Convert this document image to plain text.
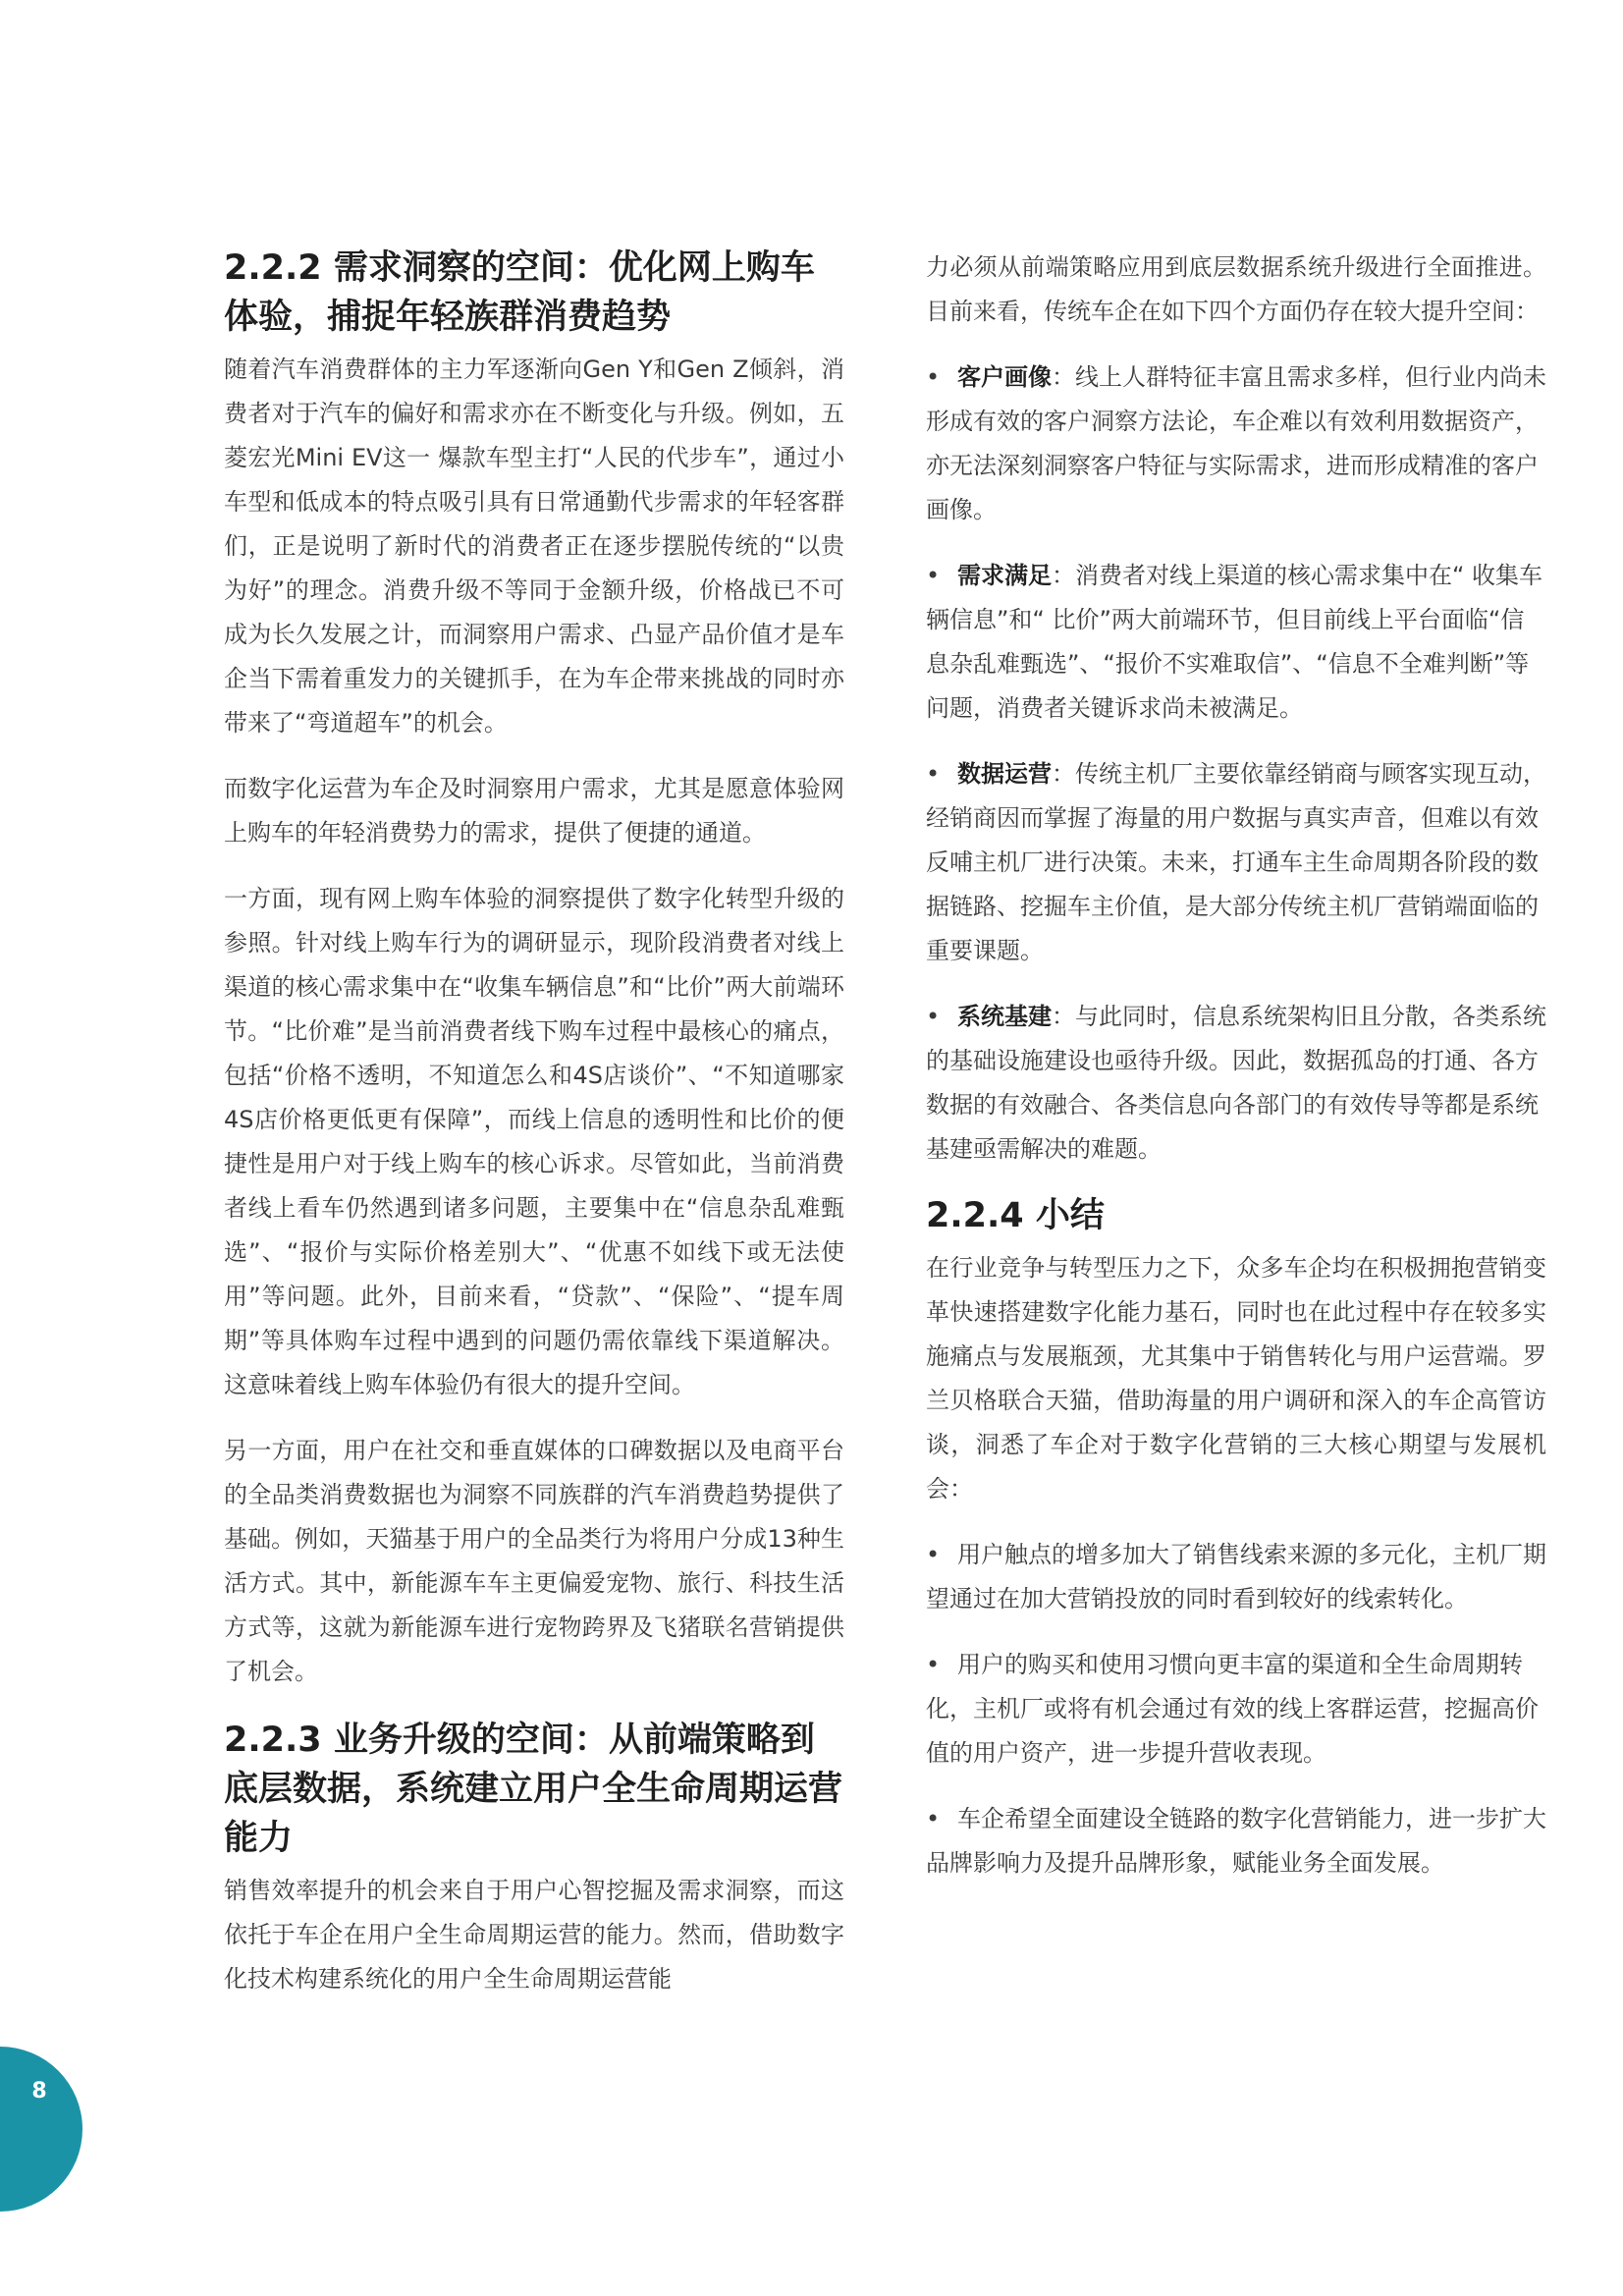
2.2.2 需求洞察的空间：优化网上购车体验，捕捉年轻族群消费趋势

随着汽车消费群体的主力军逐渐向Gen Y和Gen Z倾斜，消费者对于汽车的偏好和需求亦在不断变化与升级。例如，五菱宏光Mini EV这一 爆款车型主打“人民的代步车”，通过小车型和低成本的特点吸引具有日常通勤代步需求的年轻客群们，正是说明了新时代的消费者正在逐步摆脱传统的“以贵为好”的理念。消费升级不等同于金额升级，价格战已不可成为长久发展之计，而洞察用户需求、凸显产品价值才是车企当下需着重发力的关键抓手，在为车企带来挑战的同时亦带来了“弯道超车”的机会。

而数字化运营为车企及时洞察用户需求，尤其是愿意体验网上购车的年轻消费势力的需求，提供了便捷的通道。

一方面，现有网上购车体验的洞察提供了数字化转型升级的参照。针对线上购车行为的调研显示，现阶段消费者对线上渠道的核心需求集中在“收集车辆信息”和“比价”两大前端环节。“比价难”是当前消费者线下购车过程中最核心的痛点，包括“价格不透明，不知道怎么和4S店谈价”、“不知道哪家4S店价格更低更有保障”，而线上信息的透明性和比价的便捷性是用户对于线上购车的核心诉求。尽管如此，当前消费者线上看车仍然遇到诸多问题，主要集中在“信息杂乱难甄选”、“报价与实际价格差别大”、“优惠不如线下或无法使用”等问题。此外，目前来看，“贷款”、“保险”、“提车周期”等具体购车过程中遇到的问题仍需依靠线下渠道解决。这意味着线上购车体验仍有很大的提升空间。

另一方面，用户在社交和垂直媒体的口碑数据以及电商平台的全品类消费数据也为洞察不同族群的汽车消费趋势提供了基础。例如，天猫基于用户的全品类行为将用户分成13种生活方式。其中，新能源车车主更偏爱宠物、旅行、科技生活方式等，这就为新能源车进行宠物跨界及飞猪联名营销提供了机会。

2.2.3 业务升级的空间：从前端策略到底层数据，系统建立用户全生命周期运营能力

销售效率提升的机会来自于用户心智挖掘及需求洞察，而这依托于车企在用户全生命周期运营的能力。然而，借助数字化技术构建系统化的用户全生命周期运营能

力必须从前端策略应用到底层数据系统升级进行全面推进。目前来看，传统车企在如下四个方面仍存在较大提升空间：

• 客户画像：线上人群特征丰富且需求多样，但行业内尚未形成有效的客户洞察方法论，车企难以有效利用数据资产，亦无法深刻洞察客户特征与实际需求，进而形成精准的客户画像。
• 需求满足：消费者对线上渠道的核心需求集中在“ 收集车辆信息”和“ 比价”两大前端环节，但目前线上平台面临“信息杂乱难甄选”、“报价不实难取信”、“信息不全难判断”等问题，消费者关键诉求尚未被满足。
• 数据运营：传统主机厂主要依靠经销商与顾客实现互动，经销商因而掌握了海量的用户数据与真实声音，但难以有效反哺主机厂进行决策。未来，打通车主生命周期各阶段的数据链路、挖掘车主价值，是大部分传统主机厂营销端面临的重要课题。
• 系统基建：与此同时，信息系统架构旧且分散，各类系统的基础设施建设也亟待升级。因此，数据孤岛的打通、各方数据的有效融合、各类信息向各部门的有效传导等都是系统基建亟需解决的难题。
2.2.4 小结

在行业竞争与转型压力之下，众多车企均在积极拥抱营销变革快速搭建数字化能力基石，同时也在此过程中存在较多实施痛点与发展瓶颈，尤其集中于销售转化与用户运营端。罗兰贝格联合天猫，借助海量的用户调研和深入的车企高管访谈，洞悉了车企对于数字化营销的三大核心期望与发展机会：

• 用户触点的增多加大了销售线索来源的多元化，主机厂期望通过在加大营销投放的同时看到较好的线索转化。
• 用户的购买和使用习惯向更丰富的渠道和全生命周期转化，主机厂或将有机会通过有效的线上客群运营，挖掘高价值的用户资产，进一步提升营收表现。
• 车企希望全面建设全链路的数字化营销能力，进一步扩大品牌影响力及提升品牌形象，赋能业务全面发展。
8
